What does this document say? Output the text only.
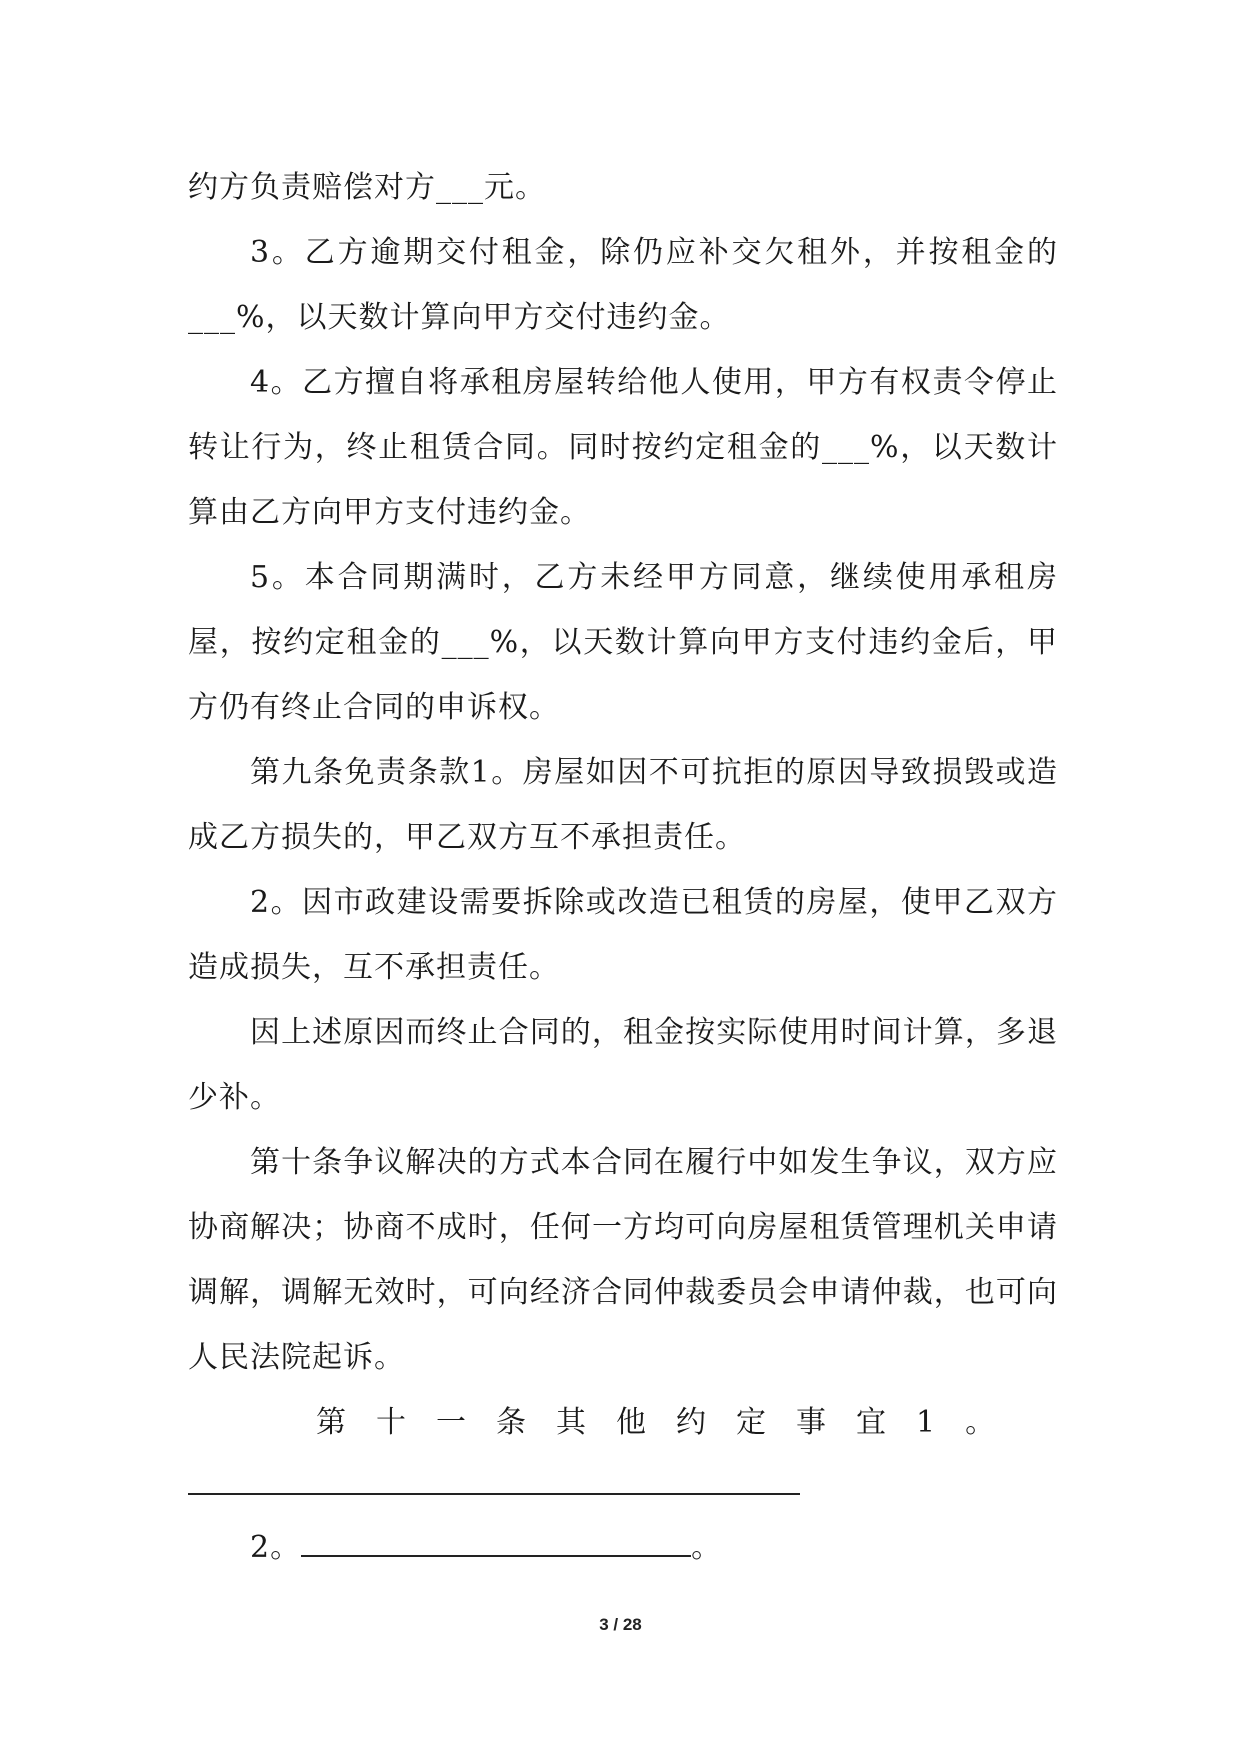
约方负责赔偿对方___元。

3。乙方逾期交付租金，除仍应补交欠租外，并按租金的___%，以天数计算向甲方交付违约金。

4。乙方擅自将承租房屋转给他人使用，甲方有权责令停止转让行为，终止租赁合同。同时按约定租金的___%，以天数计算由乙方向甲方支付违约金。

5。本合同期满时，乙方未经甲方同意，继续使用承租房屋，按约定租金的___%，以天数计算向甲方支付违约金后，甲方仍有终止合同的申诉权。

第九条免责条款1。房屋如因不可抗拒的原因导致损毁或造成乙方损失的，甲乙双方互不承担责任。

2。因市政建设需要拆除或改造已租赁的房屋，使甲乙双方造成损失，互不承担责任。

因上述原因而终止合同的，租金按实际使用时间计算，多退少补。

第十条争议解决的方式本合同在履行中如发生争议，双方应协商解决；协商不成时，任何一方均可向房屋租赁管理机关申请调解，调解无效时，可向经济合同仲裁委员会申请仲裁，也可向人民法院起诉。

第十一条其他约定事宜1。

2。	。

3 / 28
